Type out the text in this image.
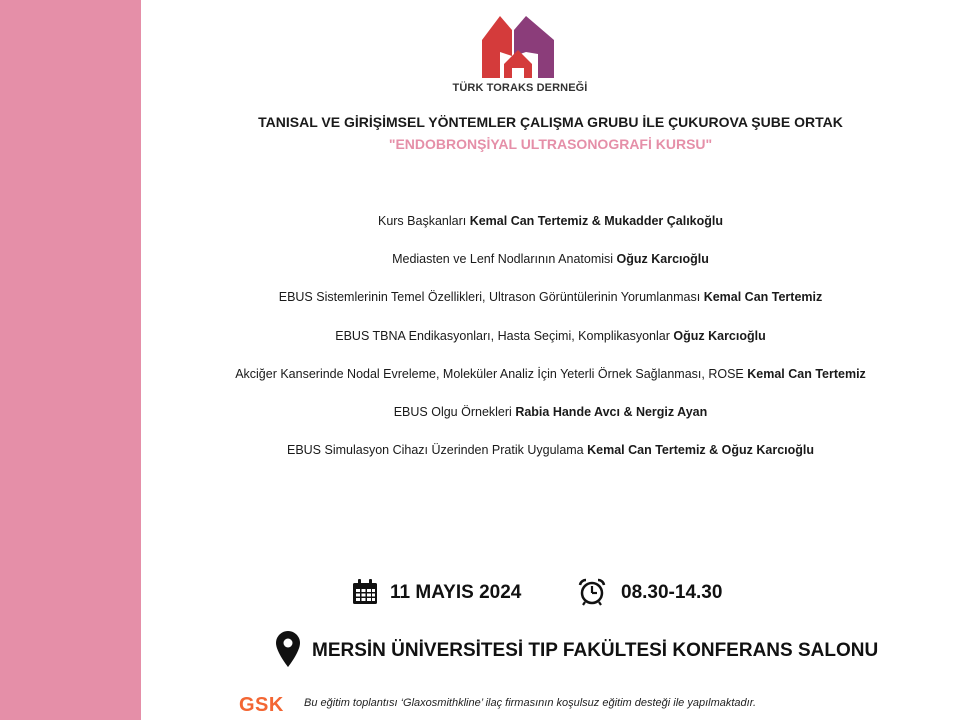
TÜRK TORAKS DERNEĞİ
TANISAL VE GİRİŞİMSEL YÖNTEMLER ÇALIŞMA GRUBU İLE ÇUKUROVA ŞUBE ORTAK
"ENDOBRONŞİYAL ULTRASONOGRAFİ KURSU"
Kurs Başkanları Kemal Can Tertemiz & Mukadder Çalıkoğlu
Mediasten ve Lenf Nodlarının Anatomisi Oğuz Karcıoğlu
EBUS Sistemlerinin Temel Özellikleri, Ultrason Görüntülerinin Yorumlanması Kemal Can Tertemiz
EBUS TBNA Endikasyonları, Hasta Seçimi, Komplikasyonlar Oğuz Karcıoğlu
Akciğer Kanserinde Nodal Evreleme, Moleküler Analiz İçin Yeterli Örnek Sağlanması, ROSE Kemal Can Tertemiz
EBUS Olgu Örnekleri Rabia Hande Avcı & Nergiz Ayan
EBUS Simulasyon Cihazı Üzerinden Pratik Uygulama Kemal Can Tertemiz & Oğuz Karcıoğlu
11 MAYIS 2024	08.30-14.30
MERSİN ÜNİVERSİTESİ TIP FAKÜLTESİ KONFERANS SALONU
GSK Bu eğitim toplantısı ‘Glaxosmithkline’ ilaç firmasının koşulsuz eğitim desteği ile yapılmaktadır.
